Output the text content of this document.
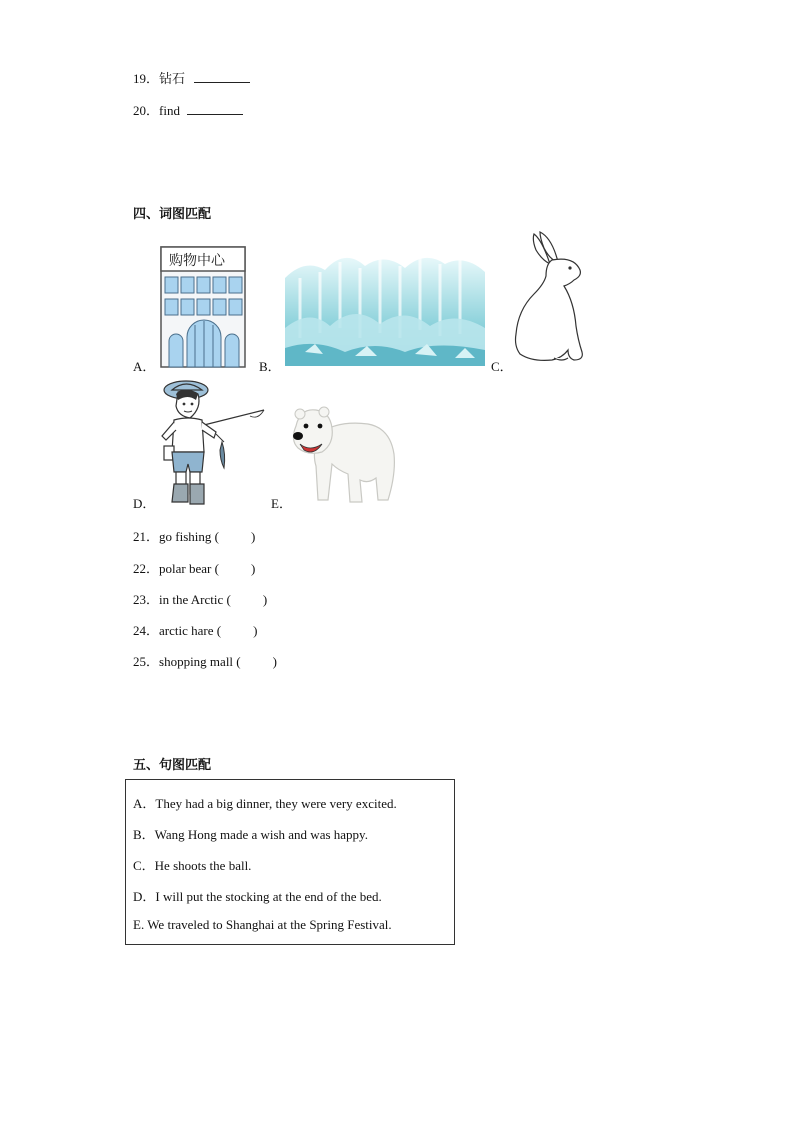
19．钻石
20．find
四、词图匹配
A．
购物中心
B．	C．
D．	E．
21．go fishing ( )
22．polar bear ( )
23．in the Arctic ( )
24．arctic hare ( )
25．shopping mall ( )
五、句图匹配
A．They had a big dinner, they were very excited.
B．Wang Hong made a wish and was happy.
C．He shoots the ball.
D．I will put the stocking at the end of the bed.
E. We traveled to Shanghai at the Spring Festival.
